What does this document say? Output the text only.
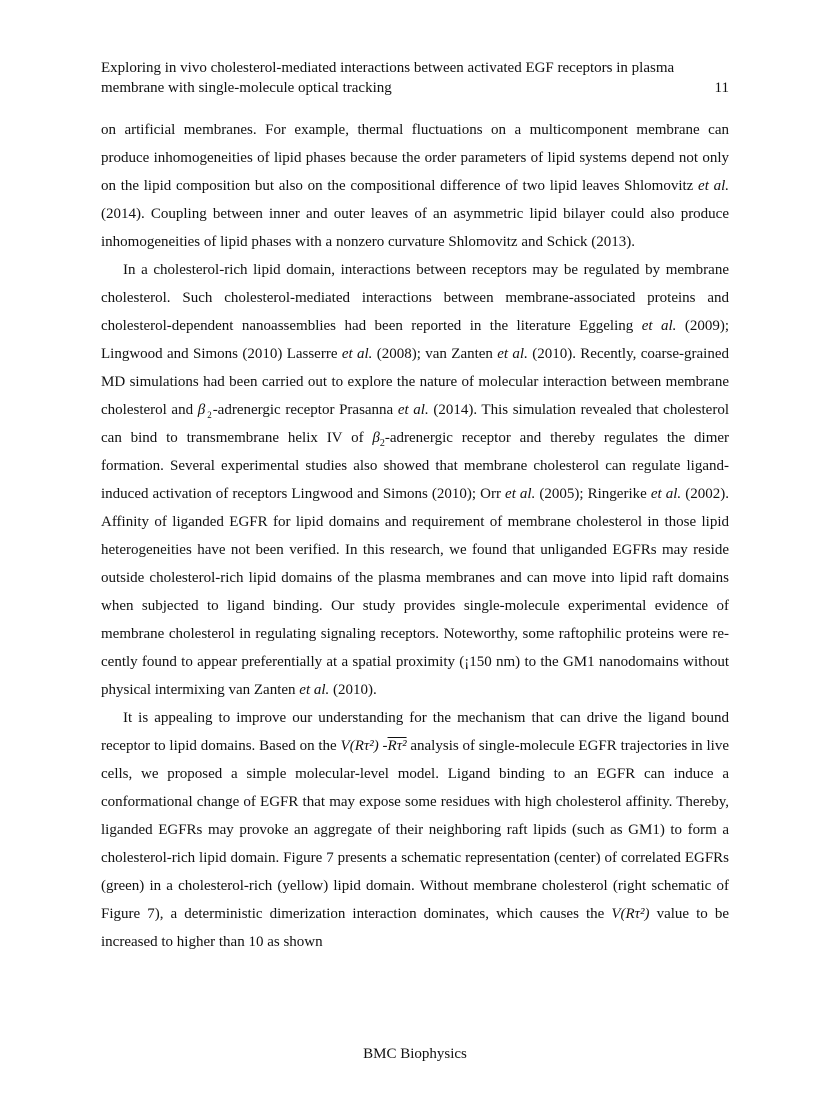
Exploring in vivo cholesterol-mediated interactions between activated EGF receptors in plasma membrane with single-molecule optical tracking	11

on artificial membranes. For example, thermal fluctuations on a multicomponent membrane can produce inhomogeneities of lipid phases because the order parameters of lipid systems depend not only on the lipid composition but also on the compositional difference of two lipid leaves Shlomovitz et al. (2014). Coupling between inner and outer leaves of an asymmetric lipid bilayer could also produce inhomogeneities of lipid phases with a nonzero curvature Shlomovitz and Schick (2013).

In a cholesterol-rich lipid domain, interactions between receptors may be regulated by membrane cholesterol. Such cholesterol-mediated interactions between membrane-associated proteins and cholesterol-dependent nanoassemblies had been reported in the literature Eggeling et al. (2009); Lingwood and Simons (2010) Lasserre et al. (2008); van Zanten et al. (2010). Recently, coarse-grained MD simulations had been carried out to explore the nature of molecular interaction between membrane cholesterol and β $_2$-adrenergic receptor Prasanna et al. (2014). This simulation revealed that cholesterol can bind to transmembrane helix IV of $\beta_2$-adrenergic receptor and thereby regulates the dimer formation. Several experimental studies also showed that membrane cholesterol can regulate ligand-induced activation of receptors Lingwood and Simons (2010); Orr et al. (2005); Ringerike et al. (2002). Affinity of liganded EGFR for lipid domains and requirement of membrane cholesterol in those lipid heterogeneities have not been verified. In this research, we found that unliganded EGFRs may reside outside cholesterol-rich lipid domains of the plasma membranes and can move into lipid raft domains when subjected to ligand binding. Our study provides single-molecule experimental evidence of membrane cholesterol in regulating signaling receptors. Noteworthy, some raftophilic proteins were recently found to appear preferentially at a spatial proximity (¡150 nm) to the GM1 nanodomains without physical intermixing van Zanten et al. (2010).

It is appealing to improve our understanding for the mechanism that can drive the ligand bound receptor to lipid domains. Based on the V(Rτ²) -Rτ² analysis of single-molecule EGFR trajectories in live cells, we proposed a simple molecular-level model. Ligand binding to an EGFR can induce a conformational change of EGFR that may expose some residues with high cholesterol affinity. Thereby, liganded EGFRs may provoke an aggregate of their neighboring raft lipids (such as GM1) to form a cholesterol-rich lipid domain. Figure 7 presents a schematic representation (center) of correlated EGFRs (green) in a cholesterol-rich (yellow) lipid domain. Without membrane cholesterol (right schematic of Figure 7), a deterministic dimerization interaction dominates, which causes the V(Rτ²) value to be increased to higher than 10 as shown

BMC Biophysics
